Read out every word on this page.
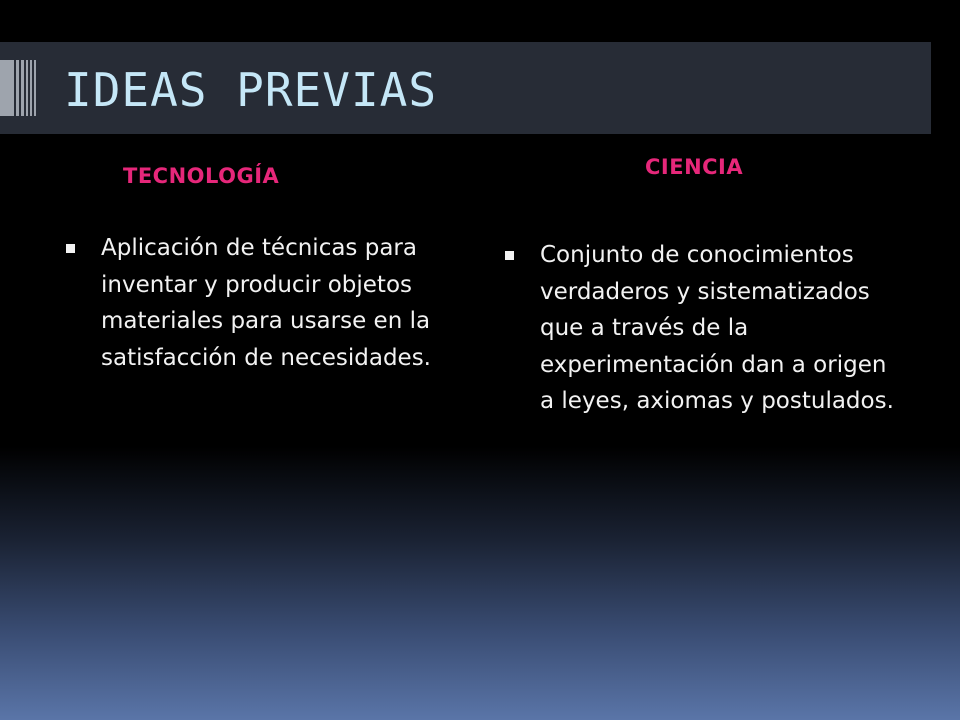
IDEAS PREVIAS
TECNOLOGÍA	CIENCIA

Aplicación de técnicas para inventar y producir objetos materiales para usarse en la satisfacción de necesidades.

Conjunto de conocimientos verdaderos y sistematizados que a través de la experimentación dan a origen a leyes, axiomas y postulados.
